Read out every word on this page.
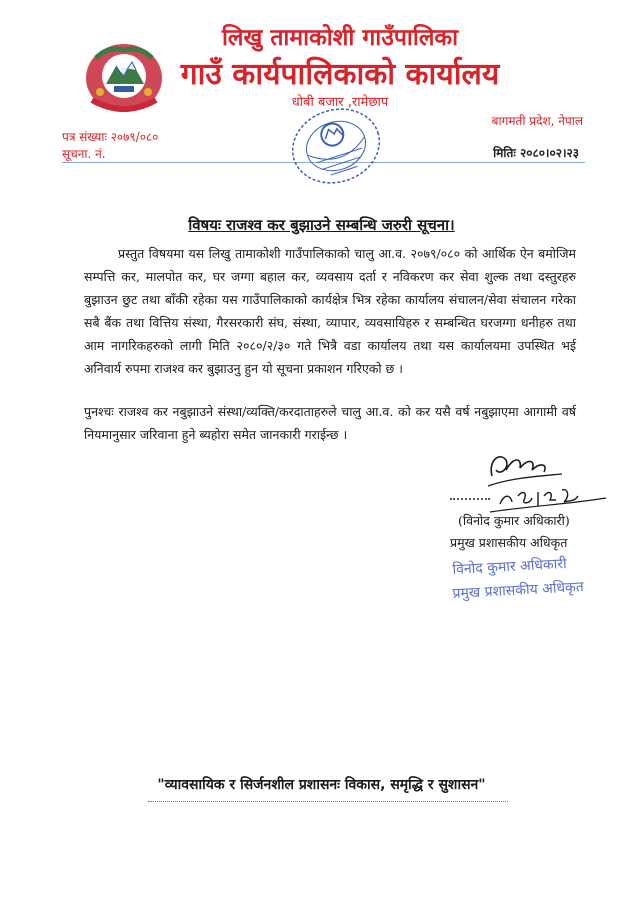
लिखु तामाकोशी गाउँपालिका
गाउँ कार्यपालिकाको कार्यालय
धोबी बजार ,रामेछाप
बागमती प्रदेश, नेपाल
पत्र संख्याः २०७९/०८०
सूचना. नं.	मितिः २०८०।०२।२३
विषयः राजश्व कर बुझाउने सम्बन्धि जरुरी सूचना।
प्रस्तुत विषयमा यस लिखु तामाकोशी गाउँपालिकाको चालु आ.व. २०७९/०८० को आर्थिक ऐन बमोजिम सम्पत्ति कर, मालपोत कर, घर जग्गा बहाल कर, व्यवसाय दर्ता र नविकरण कर सेवा शुल्क तथा दस्तुरहरु बुझाउन छुट तथा बाँकी रहेका यस गाउँपालिकाको कार्यक्षेत्र भित्र रहेका कार्यालय संचालन/सेवा संचालन गरेका सबै बैंक तथा वित्तिय संस्था, गैरसरकारी संघ, संस्था, व्यापार, व्यवसायिहरु र सम्बन्धित घरजग्गा धनीहरु तथा आम नागरिकहरुको लागी मिति २०८०/२/३० गते भित्रै वडा कार्यालय तथा यस कार्यालयमा उपस्थित भई अनिवार्य रुपमा राजश्व कर बुझाउनु हुन यो सूचना प्रकाशन गरिएको छ ।
पुनश्चः राजश्व कर नबुझाउने संस्था/व्यक्ति/करदाताहरुले चालु आ.व. को कर यसै वर्ष नबुझाएमा आगामी वर्ष नियमानुसार जरिवाना हुने ब्यहोरा समेत जानकारी गराईन्छ ।
(विनोद कुमार अधिकारी)
प्रमुख प्रशासकीय अधिकृत
विनोद कुमार अधिकारी
प्रमुख प्रशासकीय अधिकृत
"व्यावसायिक र सिर्जनशील प्रशासनः विकास, समृद्धि र सुशासन"
